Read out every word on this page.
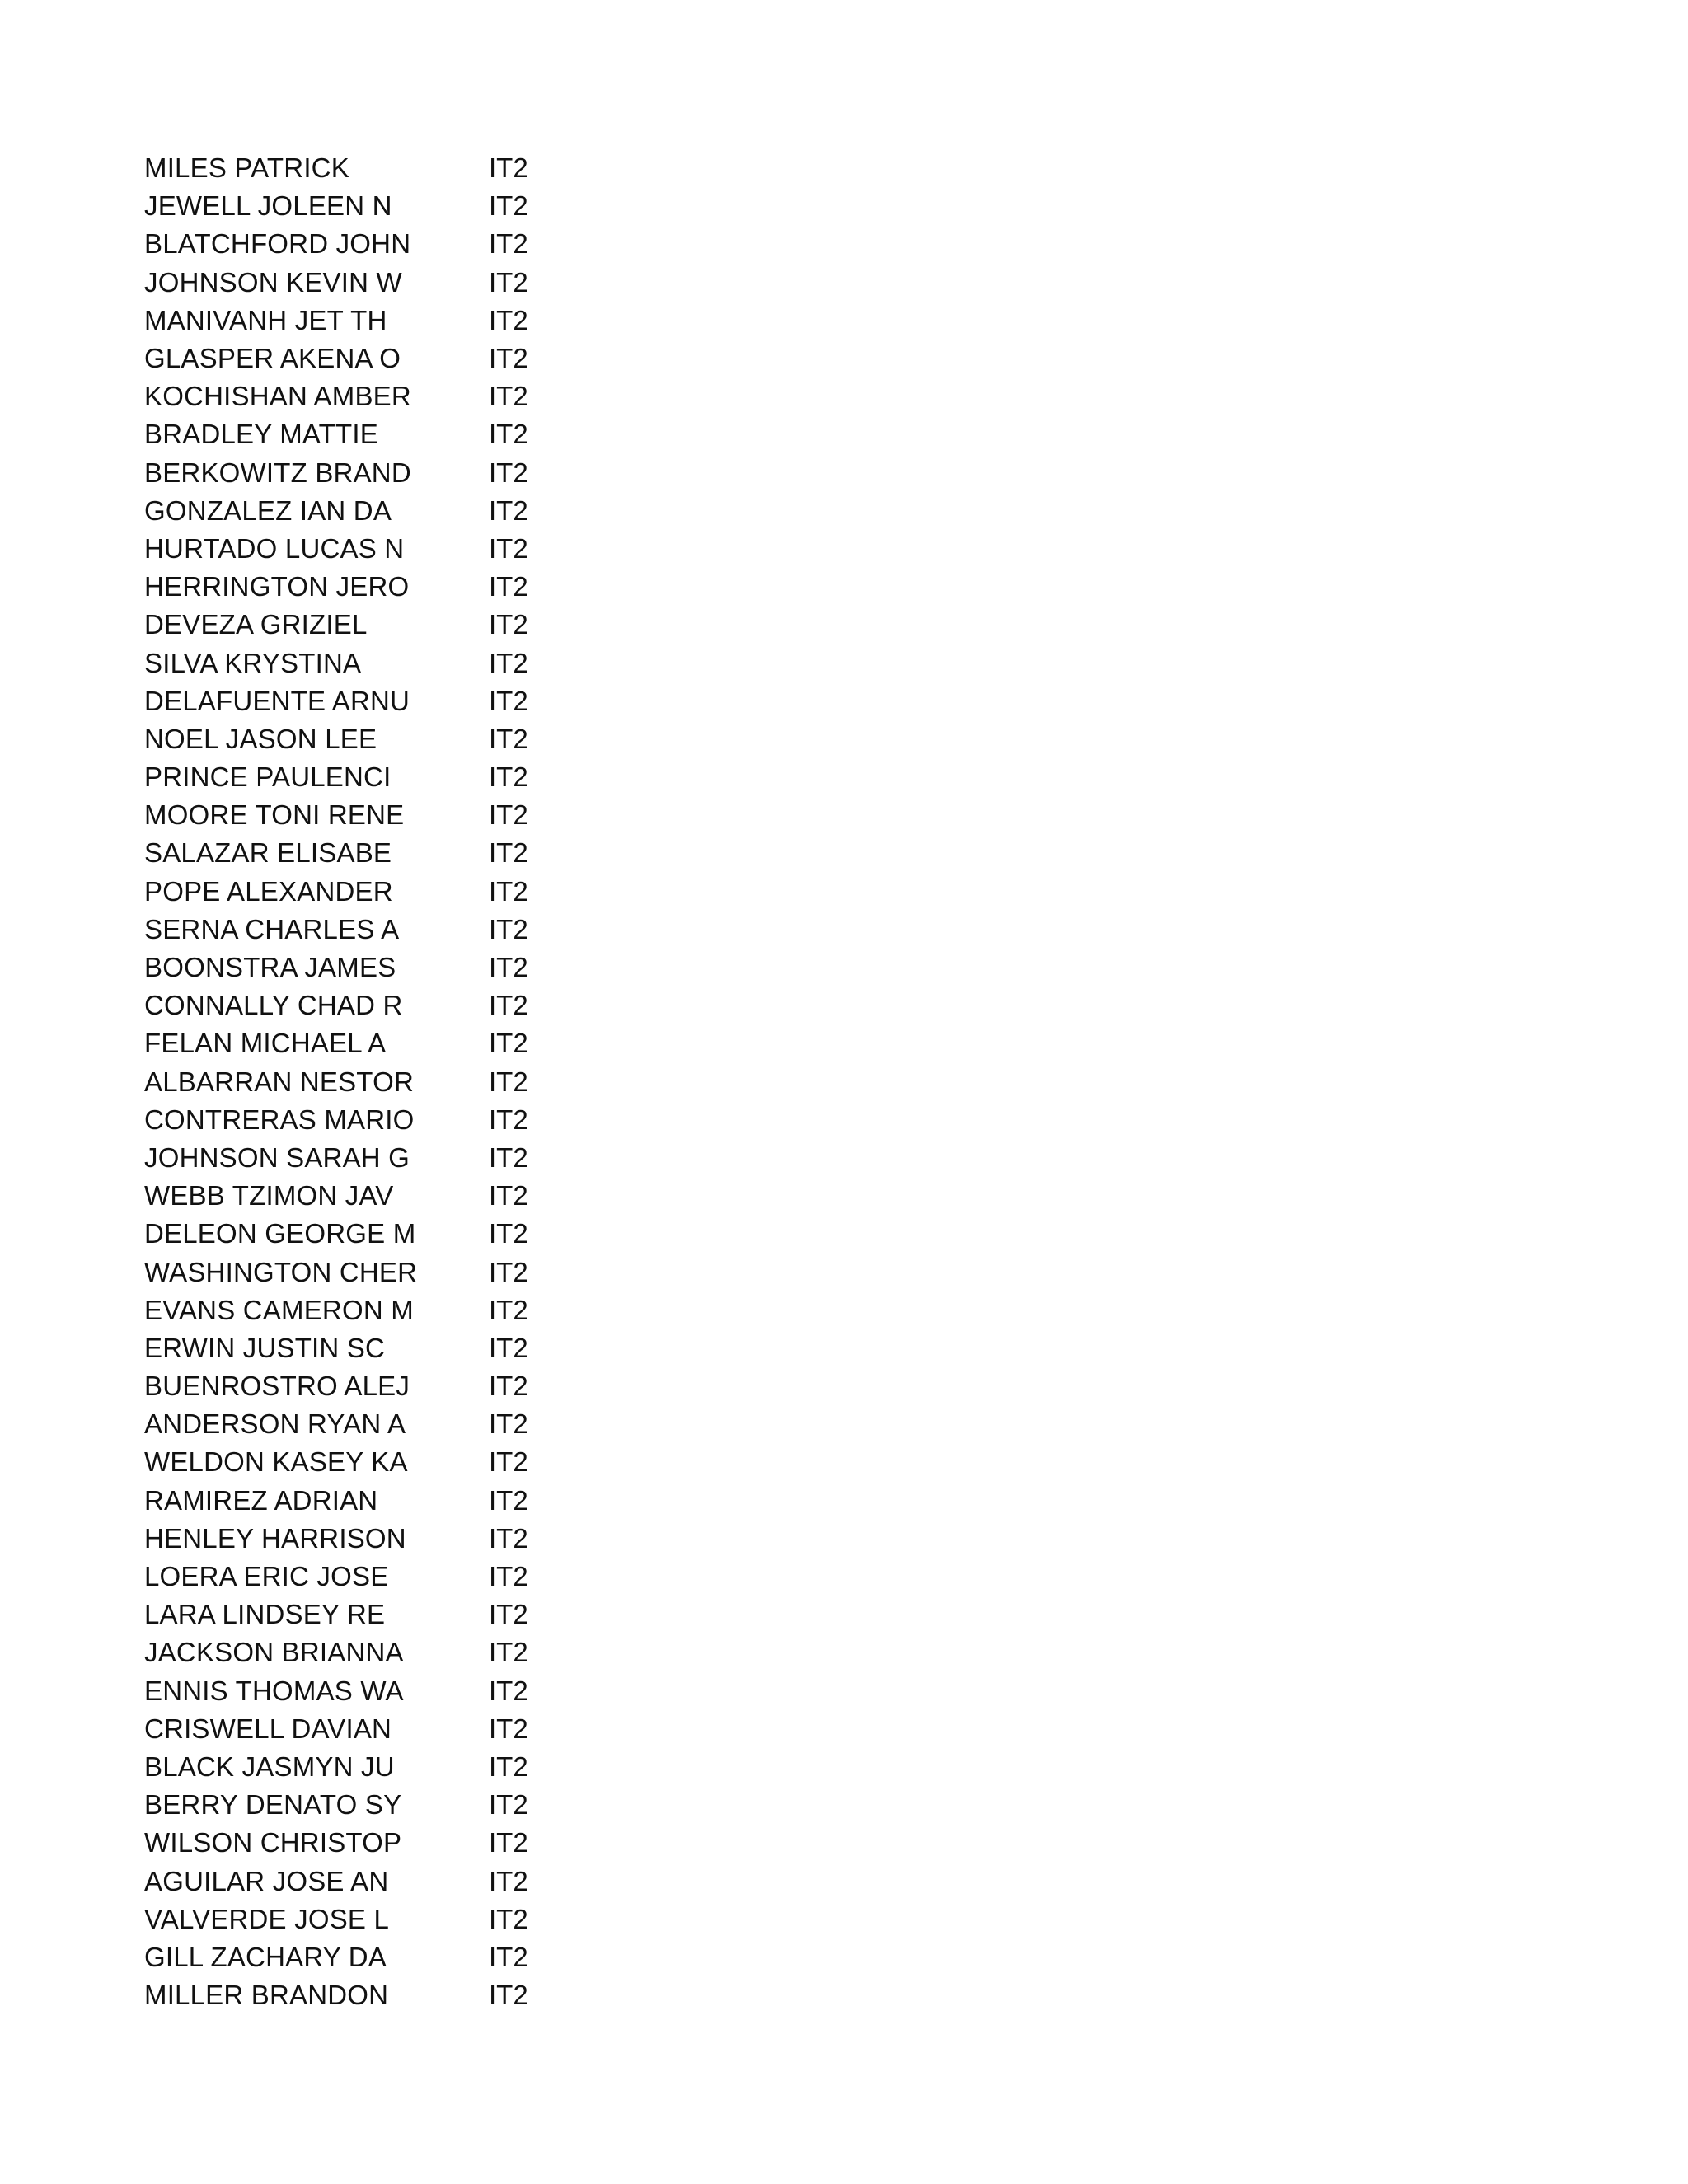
MILES PATRICK	IT2
JEWELL JOLEEN N	IT2
BLATCHFORD JOHN	IT2
JOHNSON KEVIN W	IT2
MANIVANH JET TH	IT2
GLASPER AKENA O	IT2
KOCHISHAN AMBER	IT2
BRADLEY MATTIE	IT2
BERKOWITZ BRAND	IT2
GONZALEZ IAN DA	IT2
HURTADO LUCAS N	IT2
HERRINGTON JERO	IT2
DEVEZA GRIZIEL	IT2
SILVA KRYSTINA	IT2
DELAFUENTE ARNU	IT2
NOEL JASON LEE	IT2
PRINCE PAULENCI	IT2
MOORE TONI RENE	IT2
SALAZAR ELISABE	IT2
POPE ALEXANDER	IT2
SERNA CHARLES A	IT2
BOONSTRA JAMES	IT2
CONNALLY CHAD R	IT2
FELAN MICHAEL A	IT2
ALBARRAN NESTOR	IT2
CONTRERAS MARIO	IT2
JOHNSON SARAH G	IT2
WEBB TZIMON JAV	IT2
DELEON GEORGE M	IT2
WASHINGTON CHER	IT2
EVANS CAMERON M	IT2
ERWIN JUSTIN SC	IT2
BUENROSTRO ALEJ	IT2
ANDERSON RYAN A	IT2
WELDON KASEY KA	IT2
RAMIREZ ADRIAN	IT2
HENLEY HARRISON	IT2
LOERA ERIC JOSE	IT2
LARA LINDSEY RE	IT2
JACKSON BRIANNA	IT2
ENNIS THOMAS WA	IT2
CRISWELL DAVIAN	IT2
BLACK JASMYN JU	IT2
BERRY DENATO SY	IT2
WILSON CHRISTOP	IT2
AGUILAR JOSE AN	IT2
VALVERDE JOSE L	IT2
GILL ZACHARY DA	IT2
MILLER BRANDON	IT2
